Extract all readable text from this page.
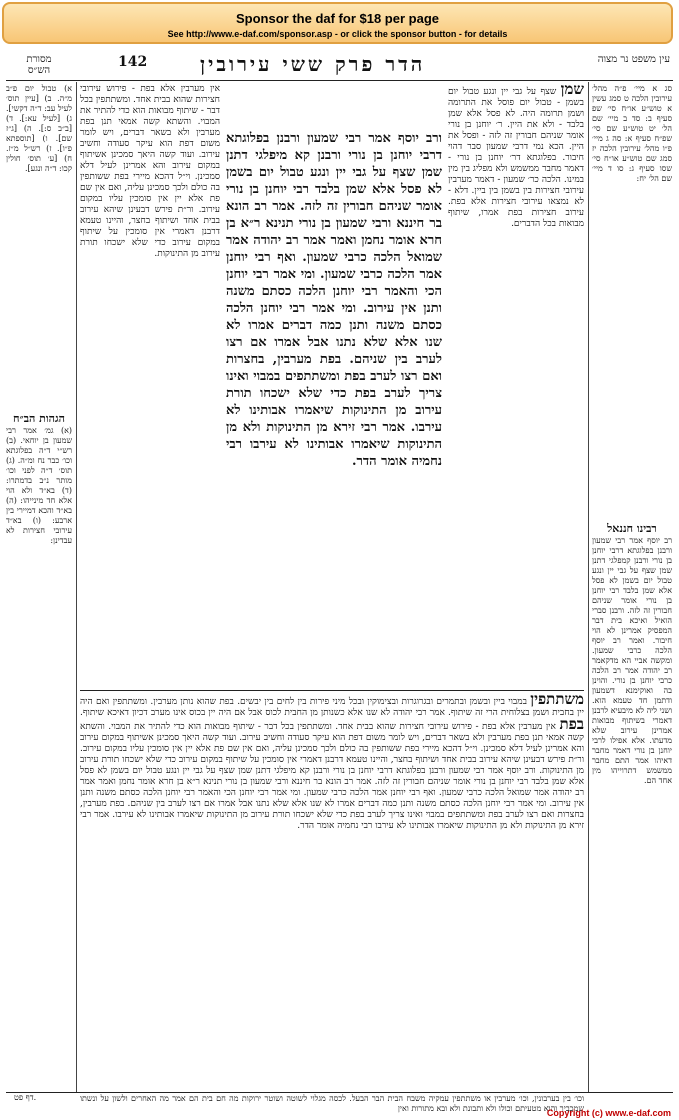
Sponsor the daf for $18 per page
See http://www.e-daf.com/sponsor.asp - or click the sponsor button - for details
מסורת הש״ס
142	הדר פרק ששי עירובין	עין משפט נר מצוה

סג א מיי׳ פ״ה מהל׳ עירובין הלכה ט סמג עשין א טוש״ע או״ח סי׳ שפ סעיף ב: סד ב מיי׳ שם הל׳ יט טוש״ע שם סי׳ שפ״ח סעיף א: סה ג מיי׳ פ״ו מהל׳ עירובין הלכה יז סמג שם טוש״ע או״ח סי׳ שסו סעיף ג: סו ד מיי׳ שם הל׳ יח:

רבינו חננאל

רב יוסף אמר רבי שמעון ורבנן בפלוגתא דרבי יוחנן בן נורי ורבנן קמפלגי דתנן שמן שצף על גבי יין ונגע טבול יום בשמן לא פסל אלא שמן בלבד רבי יוחנן בן נורי אומר שניהם חבורין זה לזה. ורבנן סברי הואיל ואיכא בית דבר המפסיק אמרינן לא הוי חיבור. ואמר רב יוסף הלכה כרבי שמעון. ומקשה אביי הא מדקאמר רב יהודה אמר רב הלכה כרבי יוחנן בן נורי. והוינן בה ואוקימנא דשמעון ודתמן חד טעמא הוא. ושני ליה לא מיבעיא לרבנן דאמרי בשיתוף מבואות אמרינן עירוב שלא מדעתו. אלא אפילו לרבי יוחנן בן נורי דאמר מחבר דאיהו אמר התם מחבר ממשמש דתרוייהו מין אחד הם.

א) טבול יום פ״ב מ״ה. ב) [עיין תוס׳ לעיל עב: ד״ה דקשי]. ג) [לעיל עא:]. ד) [ב״ב ס:]. ה) [ג״ז שם]. ו) [תוספתא פ״ו]. ז) רש״ל מ״ז. ח) [ע׳ תוס׳ חולין קכו: ד״ה ונגע].

הגהות הב״ח

(א) גמ׳ אמר רבי שמעון בן יוחאי. (ב) רש״י ד״ה בפלוגתא וכו׳ כבר נח ומ״ה. (ג) תוס׳ ד״ה לפני וכו׳ מותר נ״ב בדמתרו: (ד) בא״ד ולא הוי אלא חד מינייהו: (ה) בא״ד והכא דמיירי בין ארבע: (ו) בא״ד עירובי חצירות לא עבדינן:

שמן שצף על גבי יין ונגע טבול יום בשמן - טבול יום פוסל את התרומה ושמן תרומה היה. לא פסל אלא שמן בלבד - ולא את היין. ר׳ יוחנן בן נורי אומר שניהם חבורין זה לזה - ופסל את היין. הכא נמי דרבי שמעון סבר דהוי חיבור. בפלוגתא דר׳ יוחנן בן נורי - דאמר מחבר ממשמש ולא מפליג בין מין במינו. הלכה כר׳ שמעון - דאמר מערבין עירובי חצירות בין בשמן בין ביין. דלא - לא נמצאו עירובי חצירות אלא בפת. עירוב חצירות בפת אמרו, שיתוף מבואות בכל הדברים.

אין מערבין אלא בפת - פירוש עירובי חצירות שהוא בבית אחד. ומשתתפין בכל דבר - שיתוף מבואות הוא כדי להתיר את המבוי. והשתא קשה אמאי תנן בפת מערבין ולא בשאר דברים, ויש לומר משום דפת הוא עיקר סעודה וחשיב עירוב. ועוד קשה היאך סמכינן אשיתוף במקום עירוב והא אמרינן לעיל דלא סמכינן. וי״ל דהכא מיירי בפת ששותפין בה כולם ולכך סמכינן עליה, ואם אין שם פת אלא יין אין סומכין עליו במקום עירוב. ור״ת פירש דבעינן שיהא עירוב בבית אחד ושיתוף בחצר, והיינו טעמא דרבנן דאמרי אין סומכין על שיתוף במקום עירוב כדי שלא ישכחו תורת עירוב מן התינוקות.

ורב יוסף אמר רבי שמעון ורבנן בפלוגתא דרבי יוחנן בן נורי ורבנן קא מיפלגי דתנן שמן שצף על גבי יין ונגע טבול יום בשמן לא פסל אלא שמן בלבד רבי יוחנן בן נורי אומר שניהם חבורין זה לזה. אמר רב הונא בר חיננא ורבי שמעון בן נורי תנינא ר״א בן חרא אומר נחמן ואמר אמר רב יהודה אמר שמואל הלכה כרבי שמעון. ואף רבי יוחנן אמר הלכה כרבי שמעון. ומי אמר רבי יוחנן הכי והאמר רבי יוחנן הלכה כסתם משנה ותנן אין עירוב. ומי אמר רבי יוחנן הלכה כסתם משנה ותנן כמה דברים אמרו לא שנו אלא שלא נתנו אבל אמרו אם רצו לערב בין שניהם. בפת מערבין, בחצרות ואם רצו לערב בפת ומשתתפים במבוי ואינו צריך לערב בפת כדי שלא ישכחו תורת עירוב מן התינוקות שיאמרו אבותינו לא עירבו. אמר רבי זירא מן התינוקות ולא מן התינוקות שיאמרו אבותינו לא עירבו רבי נחמיה אומר הדר.

משתתפין במבוי ביין ובשמן ובתמרים ובגרוגרות ובצימוקין ובכל מיני פירות בין לחים בין יבשים. בפת שהוא נותן מערבין. ומשתתפין ואם היה יין בחבית ושמן בצלוחית הרי זה שיתוף. אמר רבי יהודה לא שנו אלא כשנותן מן החבית לכוס אבל אם היה יין בכוס אינו מערב דכיון דאיכא שיתוף. בפת אין מערבין אלא בפת - פירוש עירובי חצירות שהוא בבית אחד. ומשתתפין בכל דבר - שיתוף מבואות הוא כדי להתיר את המבוי. והשתא קשה אמאי תנן בפת מערבין ולא בשאר דברים, ויש לומר משום דפת הוא עיקר סעודה וחשיב עירוב. ועוד קשה היאך סמכינן אשיתוף במקום עירוב והא אמרינן לעיל דלא סמכינן. וי״ל דהכא מיירי בפת ששותפין בה כולם ולכך סמכינן עליה, ואם אין שם פת אלא יין אין סומכין עליו במקום עירוב. ור״ת פירש דבעינן שיהא עירוב בבית אחד ושיתוף בחצר, והיינו טעמא דרבנן דאמרי אין סומכין על שיתוף במקום עירוב כדי שלא ישכחו תורת עירוב מן התינוקות. ורב יוסף אמר רבי שמעון ורבנן בפלוגתא דרבי יוחנן בן נורי ורבנן קא מיפלגי דתנן שמן שצף על גבי יין ונגע טבול יום בשמן לא פסל אלא שמן בלבד רבי יוחנן בן נורי אומר שניהם חבורין זה לזה. אמר רב הונא בר חיננא ורבי שמעון בן נורי תנינא ר״א בן חרא אומר נחמן ואמר אמר רב יהודה אמר שמואל הלכה כרבי שמעון. ואף רבי יוחנן אמר הלכה כרבי שמעון. ומי אמר רבי יוחנן הכי והאמר רבי יוחנן הלכה כסתם משנה ותנן אין עירוב. ומי אמר רבי יוחנן הלכה כסתם משנה ותנן כמה דברים אמרו לא שנו אלא שלא נתנו אבל אמרו אם רצו לערב בין שניהם. בפת מערבין, בחצרות ואם רצו לערב בפת ומשתתפים במבוי ואינו צריך לערב בפת כדי שלא ישכחו תורת עירוב מן התינוקות שיאמרו אבותינו לא עירבו. אמר רבי זירא מן התינוקות ולא מן התינוקות שיאמרו אבותינו לא עירבו רבי נחמיה אומר הדר.

וכו׳ בין בערבונין, וכו׳ מערבין או משתתפין עמקיה משבח הבית הבר הבעל. לכסה מגלוי לשוטה ושוטר ירוקות מה חם בית הם אמר מה האחרים ולשון על ונשתו שמכביר והוא מטעיתם וכולו ולא ותבונת ולא ובא מתורות ואין

דף פט.
Copyright (c) www.e-daf.com
